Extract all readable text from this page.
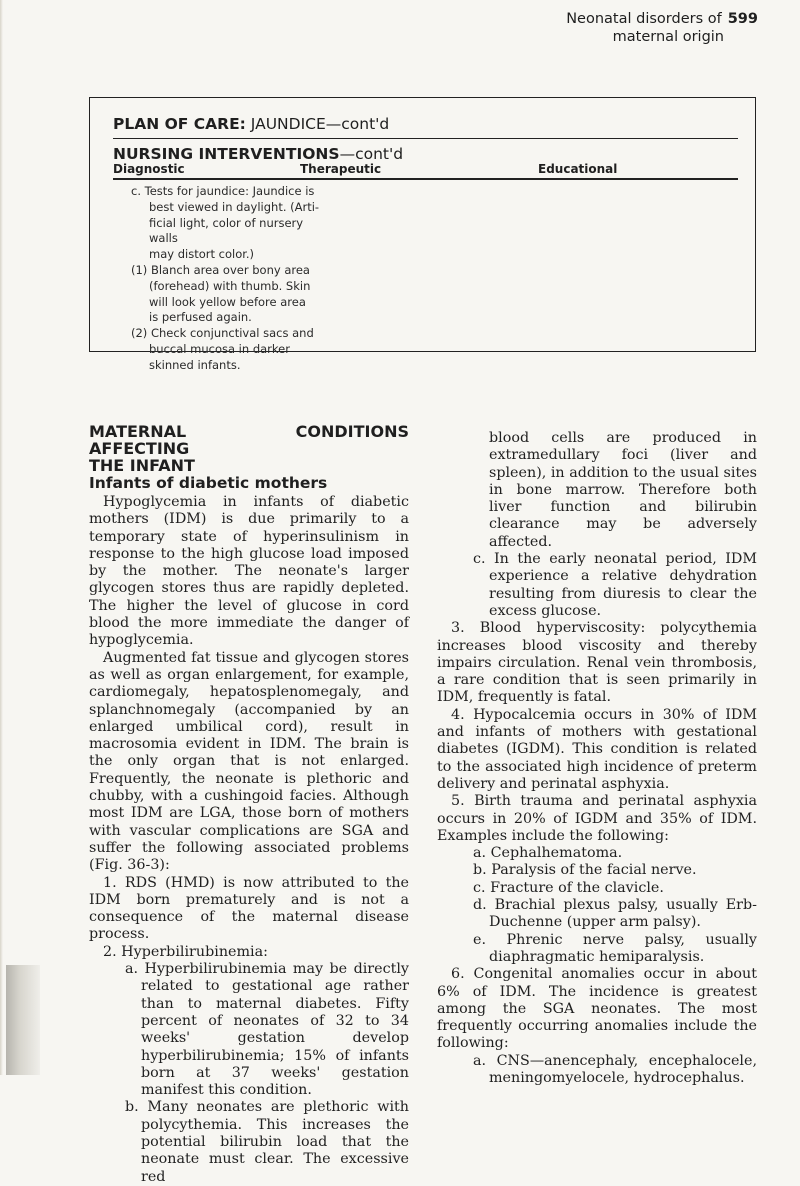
Neonatal disorders of 599
maternal origin
PLAN OF CARE: JAUNDICE—cont'd
NURSING INTERVENTIONS—cont'd
Diagnostic	Therapeutic	Educational

c. Tests for jaundice: Jaundice is

best viewed in daylight. (Arti-

ficial light, color of nursery walls

may distort color.)

(1) Blanch area over bony area

(forehead) with thumb. Skin

will look yellow before area

is perfused again.

(2) Check conjunctival sacs and

buccal mucosa in darker

skinned infants.

MATERNAL CONDITIONS AFFECTING

THE INFANT

Infants of diabetic mothers

Hypoglycemia in infants of diabetic mothers (IDM) is due primarily to a temporary state of hyperinsulinism in response to the high glucose load imposed by the mother. The neonate's larger glycogen stores thus are rapidly depleted. The higher the level of glucose in cord blood the more immediate the danger of hypoglycemia.

Augmented fat tissue and glycogen stores as well as organ enlargement, for example, cardiomegaly, hepatosplenomegaly, and splanchnomegaly (accompanied by an enlarged umbilical cord), result in macrosomia evident in IDM. The brain is the only organ that is not enlarged. Frequently, the neonate is plethoric and chubby, with a cushingoid facies. Although most IDM are LGA, those born of mothers with vascular complications are SGA and suffer the following associated problems (Fig. 36-3):

1. RDS (HMD) is now attributed to the IDM born prematurely and is not a consequence of the maternal disease process.

2. Hyperbilirubinemia:

a. Hyperbilirubinemia may be directly related to gestational age rather than to maternal diabetes. Fifty percent of neonates of 32 to 34 weeks' gestation develop hyperbilirubinemia; 15% of infants born at 37 weeks' gestation manifest this condition.

b. Many neonates are plethoric with polycythemia. This increases the potential bilirubin load that the neonate must clear. The excessive red

blood cells are produced in extramedullary foci (liver and spleen), in addition to the usual sites in bone marrow. Therefore both liver function and bilirubin clearance may be adversely affected.

c. In the early neonatal period, IDM experience a relative dehydration resulting from diuresis to clear the excess glucose.

3. Blood hyperviscosity: polycythemia increases blood viscosity and thereby impairs circulation. Renal vein thrombosis, a rare condition that is seen primarily in IDM, frequently is fatal.

4. Hypocalcemia occurs in 30% of IDM and infants of mothers with gestational diabetes (IGDM). This condition is related to the associated high incidence of preterm delivery and perinatal asphyxia.

5. Birth trauma and perinatal asphyxia occurs in 20% of IGDM and 35% of IDM. Examples include the following:

a. Cephalhematoma.

b. Paralysis of the facial nerve.

c. Fracture of the clavicle.

d. Brachial plexus palsy, usually Erb-Duchenne (upper arm palsy).

e. Phrenic nerve palsy, usually diaphragmatic hemiparalysis.

6. Congenital anomalies occur in about 6% of IDM. The incidence is greatest among the SGA neonates. The most frequently occurring anomalies include the following:

a. CNS—anencephaly, encephalocele, meningomyelocele, hydrocephalus.
